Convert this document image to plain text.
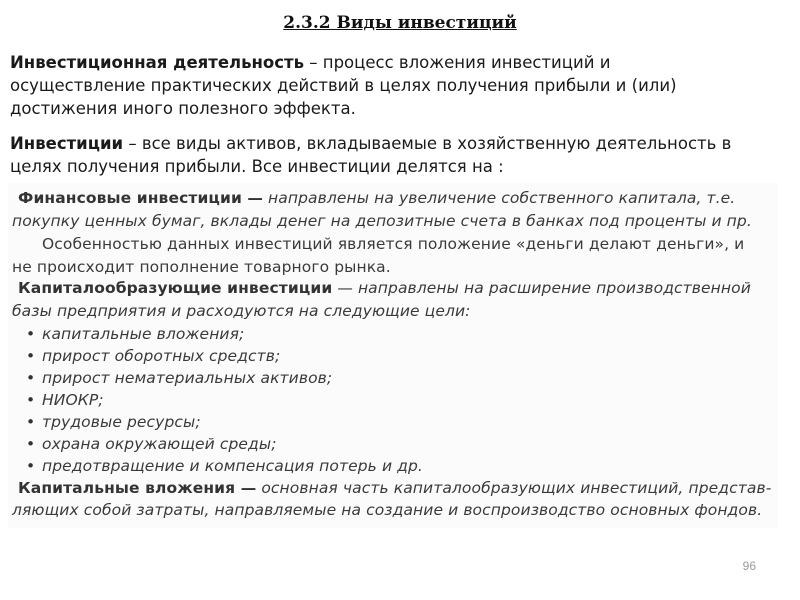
2.3.2 Виды инвестиций

Инвестиционная деятельность – процесс вложения инвестиций и
осуществление практических действий в целях получения прибыли и (или)
достижения иного полезного эффекта.

Инвестиции – все виды активов, вкладываемые в хозяйственную деятельность в
целях получения прибыли. Все инвестиции делятся на :

Финансовые инвестиции — направлены на увеличение собственного капитала, т.е.
покупку ценных бумаг, вклады денег на депозитные счета в банках под проценты и пр.
Особенностью данных инвестиций является положение «деньги делают деньги», и
не происходит пополнение товарного рынка.
Капиталообразующие инвестиции — направлены на расширение производственной
базы предприятия и расходуются на следующие цели:
• капитальные вложения;
• прирост оборотных средств;
• прирост нематериальных активов;
• НИОКР;
• трудовые ресурсы;
• охрана окружающей среды;
• предотвращение и компенсация потерь и др.
Капитальные вложения — основная часть капиталообразующих инвестиций, представ-
ляющих собой затраты, направляемые на создание и воспроизводство основных фондов.
96
